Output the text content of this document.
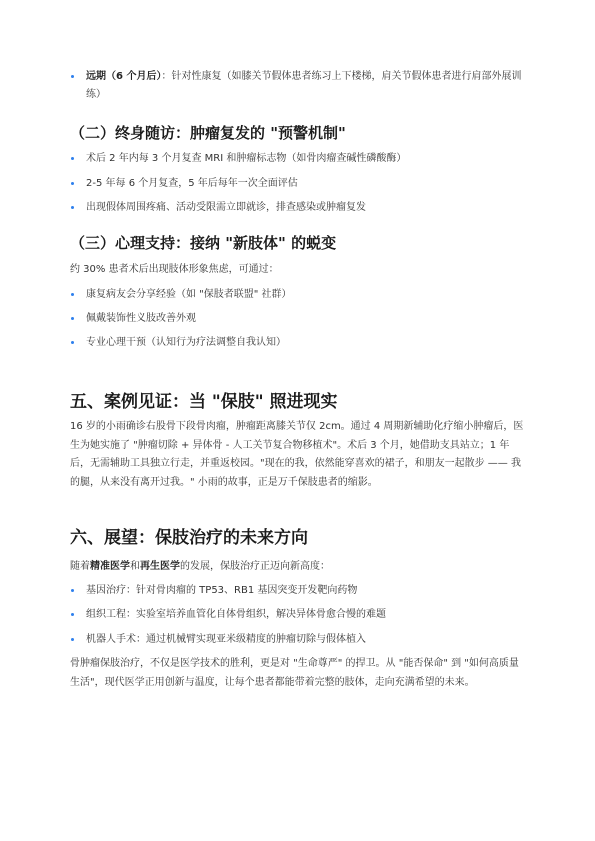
远期（6 个月后）：针对性康复（如膝关节假体患者练习上下楼梯，肩关节假体患者进行肩部外展训练）
（二）终身随访：肿瘤复发的 "预警机制"
术后 2 年内每 3 个月复查 MRI 和肿瘤标志物（如骨肉瘤查碱性磷酸酶）
2-5 年每 6 个月复查，5 年后每年一次全面评估
出现假体周围疼痛、活动受限需立即就诊，排查感染或肿瘤复发
（三）心理支持：接纳 "新肢体" 的蜕变
约 30% 患者术后出现肢体形象焦虑，可通过：
康复病友会分享经验（如 "保肢者联盟" 社群）
佩戴装饰性义肢改善外观
专业心理干预（认知行为疗法调整自我认知）
五、案例见证：当 "保肢" 照进现实
16 岁的小雨确诊右股骨下段骨肉瘤，肿瘤距离膝关节仅 2cm。通过 4 周期新辅助化疗缩小肿瘤后，医生为她实施了 "肿瘤切除 + 异体骨 - 人工关节复合物移植术"。术后 3 个月，她借助支具站立；1 年后，无需辅助工具独立行走，并重返校园。"现在的我，依然能穿喜欢的裙子，和朋友一起散步 —— 我的腿，从来没有离开过我。" 小雨的故事，正是万千保肢患者的缩影。
六、展望：保肢治疗的未来方向
随着精准医学和再生医学的发展，保肢治疗正迈向新高度：
基因治疗：针对骨肉瘤的 TP53、RB1 基因突变开发靶向药物
组织工程：实验室培养血管化自体骨组织，解决异体骨愈合慢的难题
机器人手术：通过机械臂实现亚米级精度的肿瘤切除与假体植入
骨肿瘤保肢治疗，不仅是医学技术的胜利，更是对 "生命尊严" 的捍卫。从 "能否保命" 到 "如何高质量生活"，现代医学正用创新与温度，让每个患者都能带着完整的肢体，走向充满希望的未来。
